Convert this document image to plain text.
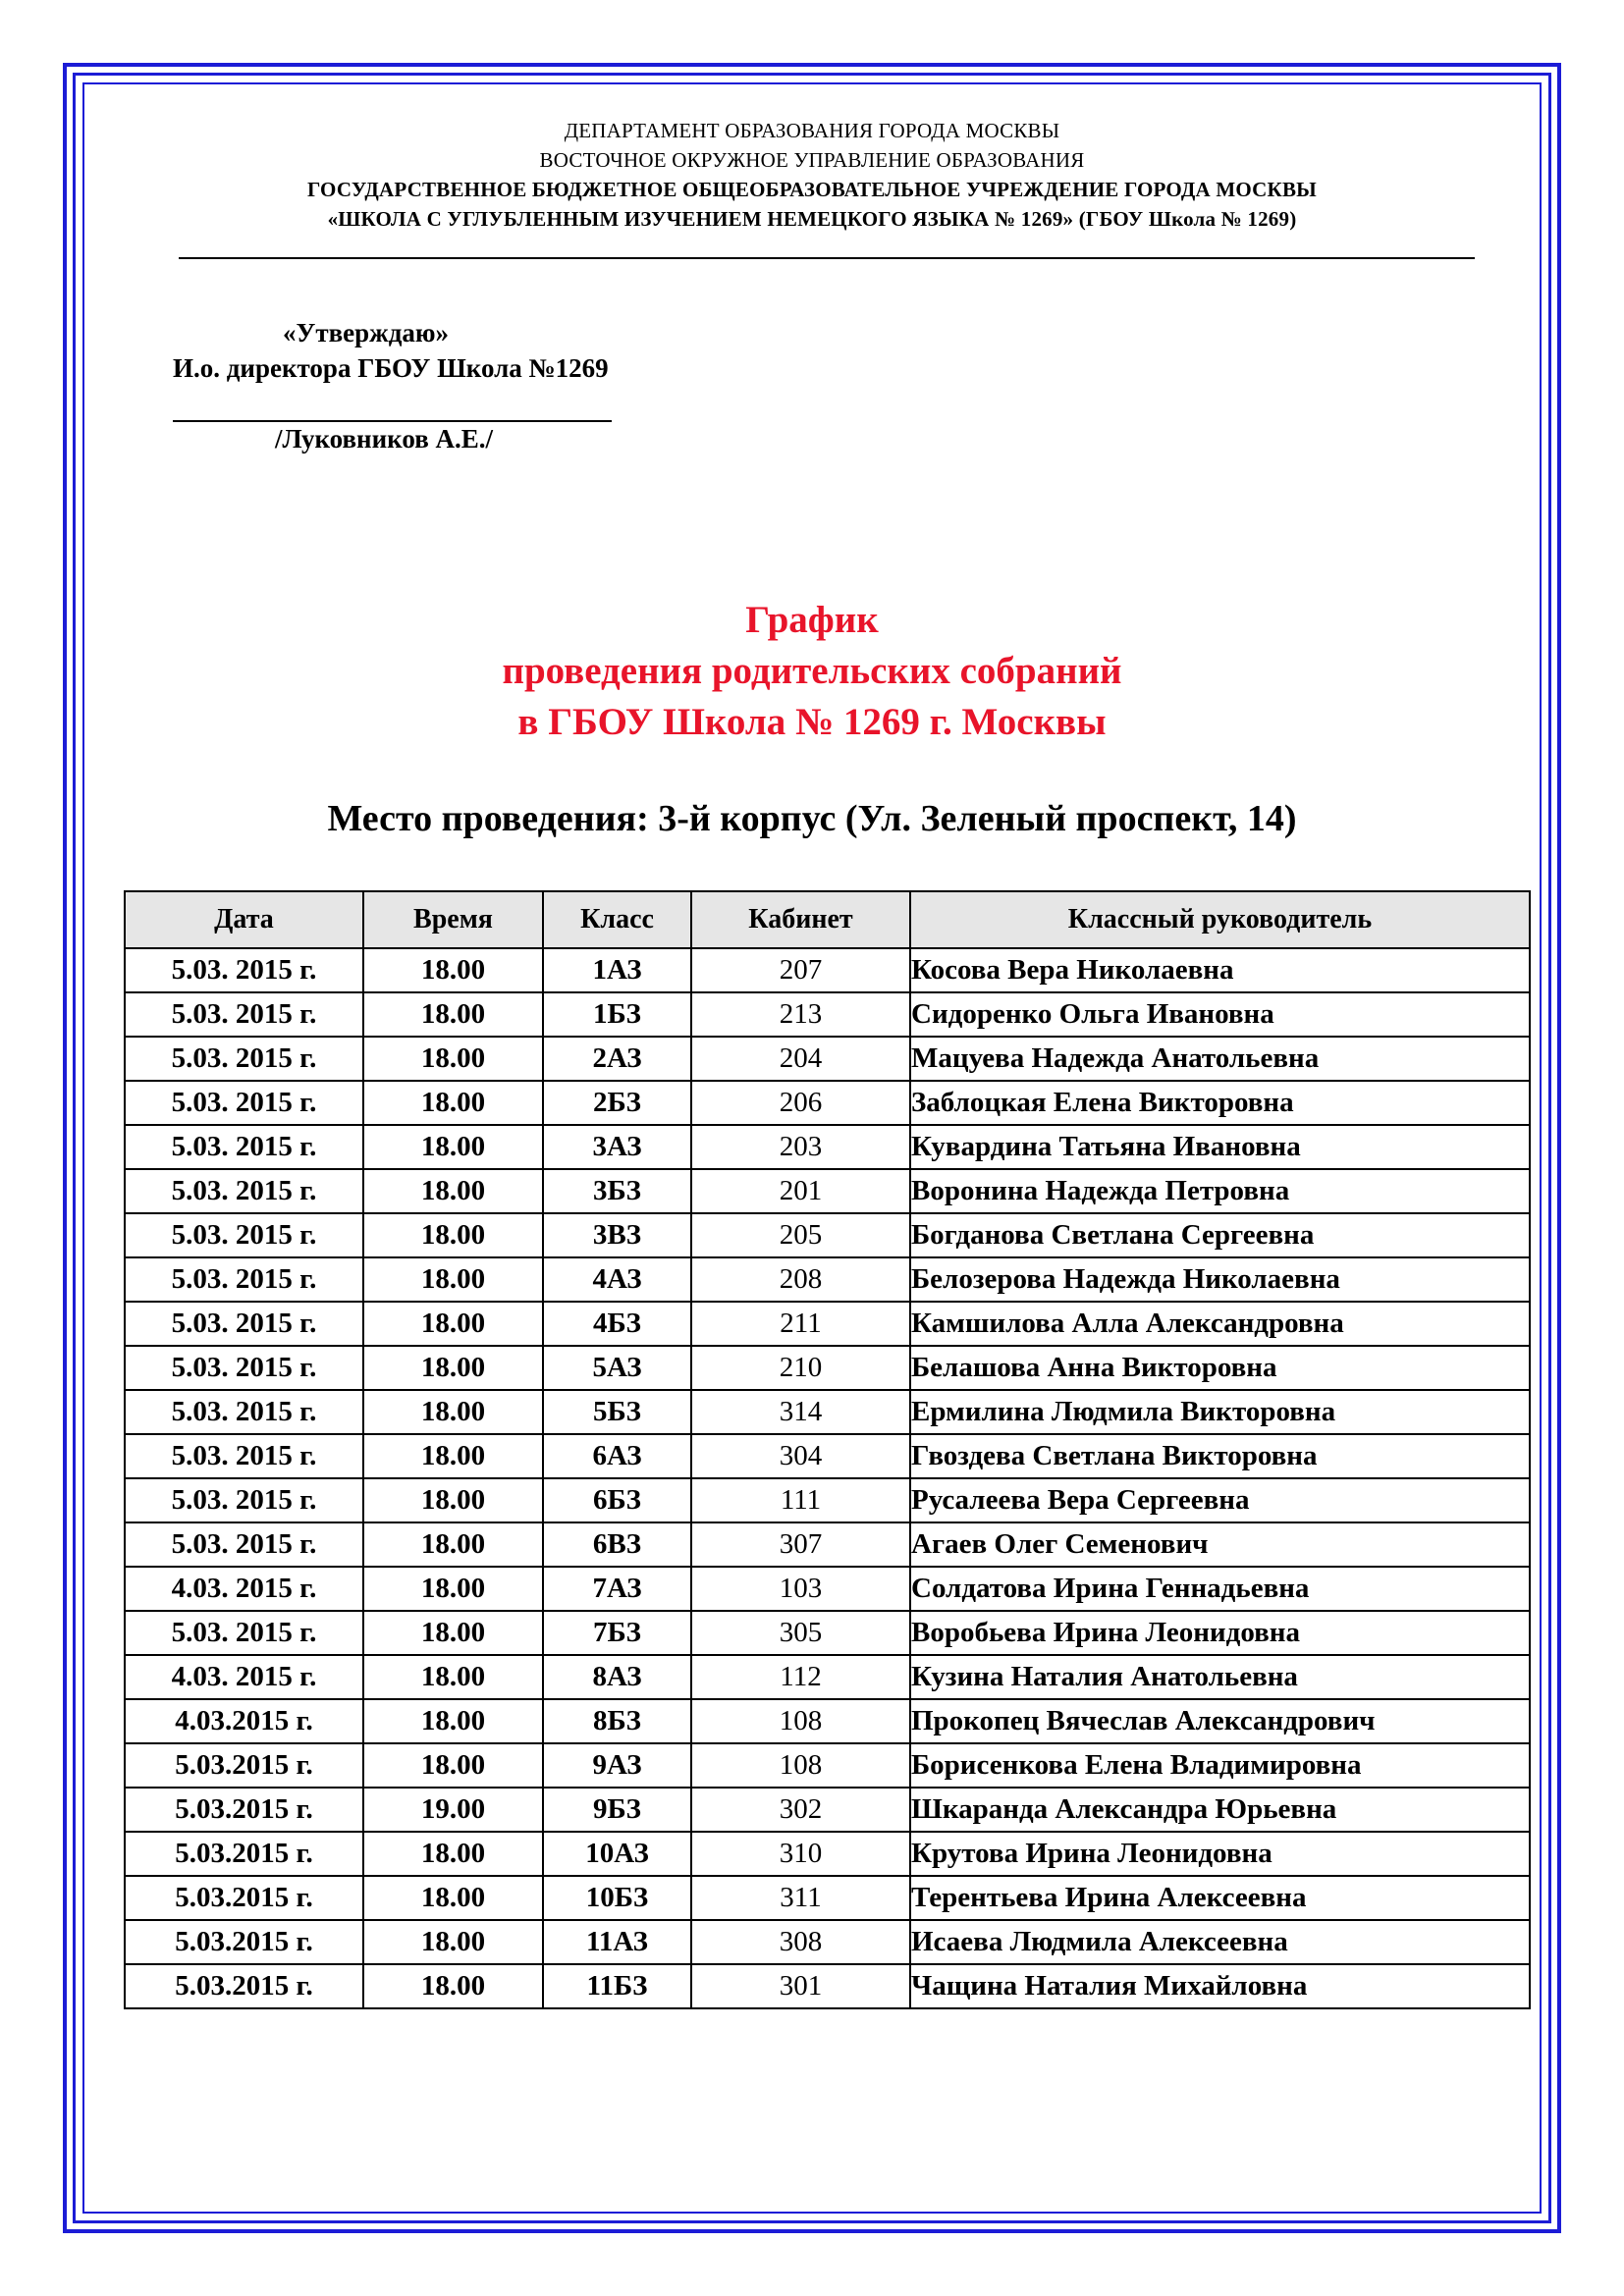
ДЕПАРТАМЕНТ ОБРАЗОВАНИЯ ГОРОДА МОСКВЫ
ВОСТОЧНОЕ ОКРУЖНОЕ УПРАВЛЕНИЕ ОБРАЗОВАНИЯ
ГОСУДАРСТВЕННОЕ БЮДЖЕТНОЕ ОБЩЕОБРАЗОВАТЕЛЬНОЕ УЧРЕЖДЕНИЕ ГОРОДА МОСКВЫ
«ШКОЛА С УГЛУБЛЕННЫМ ИЗУЧЕНИЕМ НЕМЕЦКОГО ЯЗЫКА № 1269» (ГБОУ Школа № 1269)
«Утверждаю»
И.о. директора ГБОУ Школа №1269
/Луковников А.Е./
График
проведения родительских собраний
в ГБОУ Школа № 1269 г. Москвы
Место проведения: 3-й корпус (Ул. Зеленый проспект, 14)
Дата	Время	Класс	Кабинет	Классный руководитель
5.03. 2015 г.	18.00	1АЗ	207	Косова Вера Николаевна
5.03. 2015 г.	18.00	1БЗ	213	Сидоренко Ольга Ивановна
5.03. 2015 г.	18.00	2АЗ	204	Мацуева Надежда Анатольевна
5.03. 2015 г.	18.00	2БЗ	206	Заблоцкая Елена Викторовна
5.03. 2015 г.	18.00	3АЗ	203	Кувардина Татьяна Ивановна
5.03. 2015 г.	18.00	3БЗ	201	Воронина Надежда Петровна
5.03. 2015 г.	18.00	3ВЗ	205	Богданова Светлана Сергеевна
5.03. 2015 г.	18.00	4АЗ	208	Белозерова Надежда Николаевна
5.03. 2015 г.	18.00	4БЗ	211	Камшилова Алла Александровна
5.03. 2015 г.	18.00	5АЗ	210	Белашова Анна Викторовна
5.03. 2015 г.	18.00	5БЗ	314	Ермилина Людмила Викторовна
5.03. 2015 г.	18.00	6АЗ	304	Гвоздева Светлана Викторовна
5.03. 2015 г.	18.00	6БЗ	111	Русалеева Вера Сергеевна
5.03. 2015 г.	18.00	6ВЗ	307	Агаев Олег Семенович
4.03. 2015 г.	18.00	7АЗ	103	Солдатова Ирина Геннадьевна
5.03. 2015 г.	18.00	7БЗ	305	Воробьева Ирина Леонидовна
4.03. 2015 г.	18.00	8АЗ	112	Кузина Наталия Анатольевна
4.03.2015 г.	18.00	8БЗ	108	Прокопец Вячеслав Александрович
5.03.2015 г.	18.00	9АЗ	108	Борисенкова Елена Владимировна
5.03.2015 г.	19.00	9БЗ	302	Шкаранда Александра Юрьевна
5.03.2015 г.	18.00	10АЗ	310	Крутова Ирина Леонидовна
5.03.2015 г.	18.00	10БЗ	311	Терентьева Ирина Алексеевна
5.03.2015 г.	18.00	11АЗ	308	Исаева Людмила Алексеевна
5.03.2015 г.	18.00	11БЗ	301	Чащина Наталия Михайловна
